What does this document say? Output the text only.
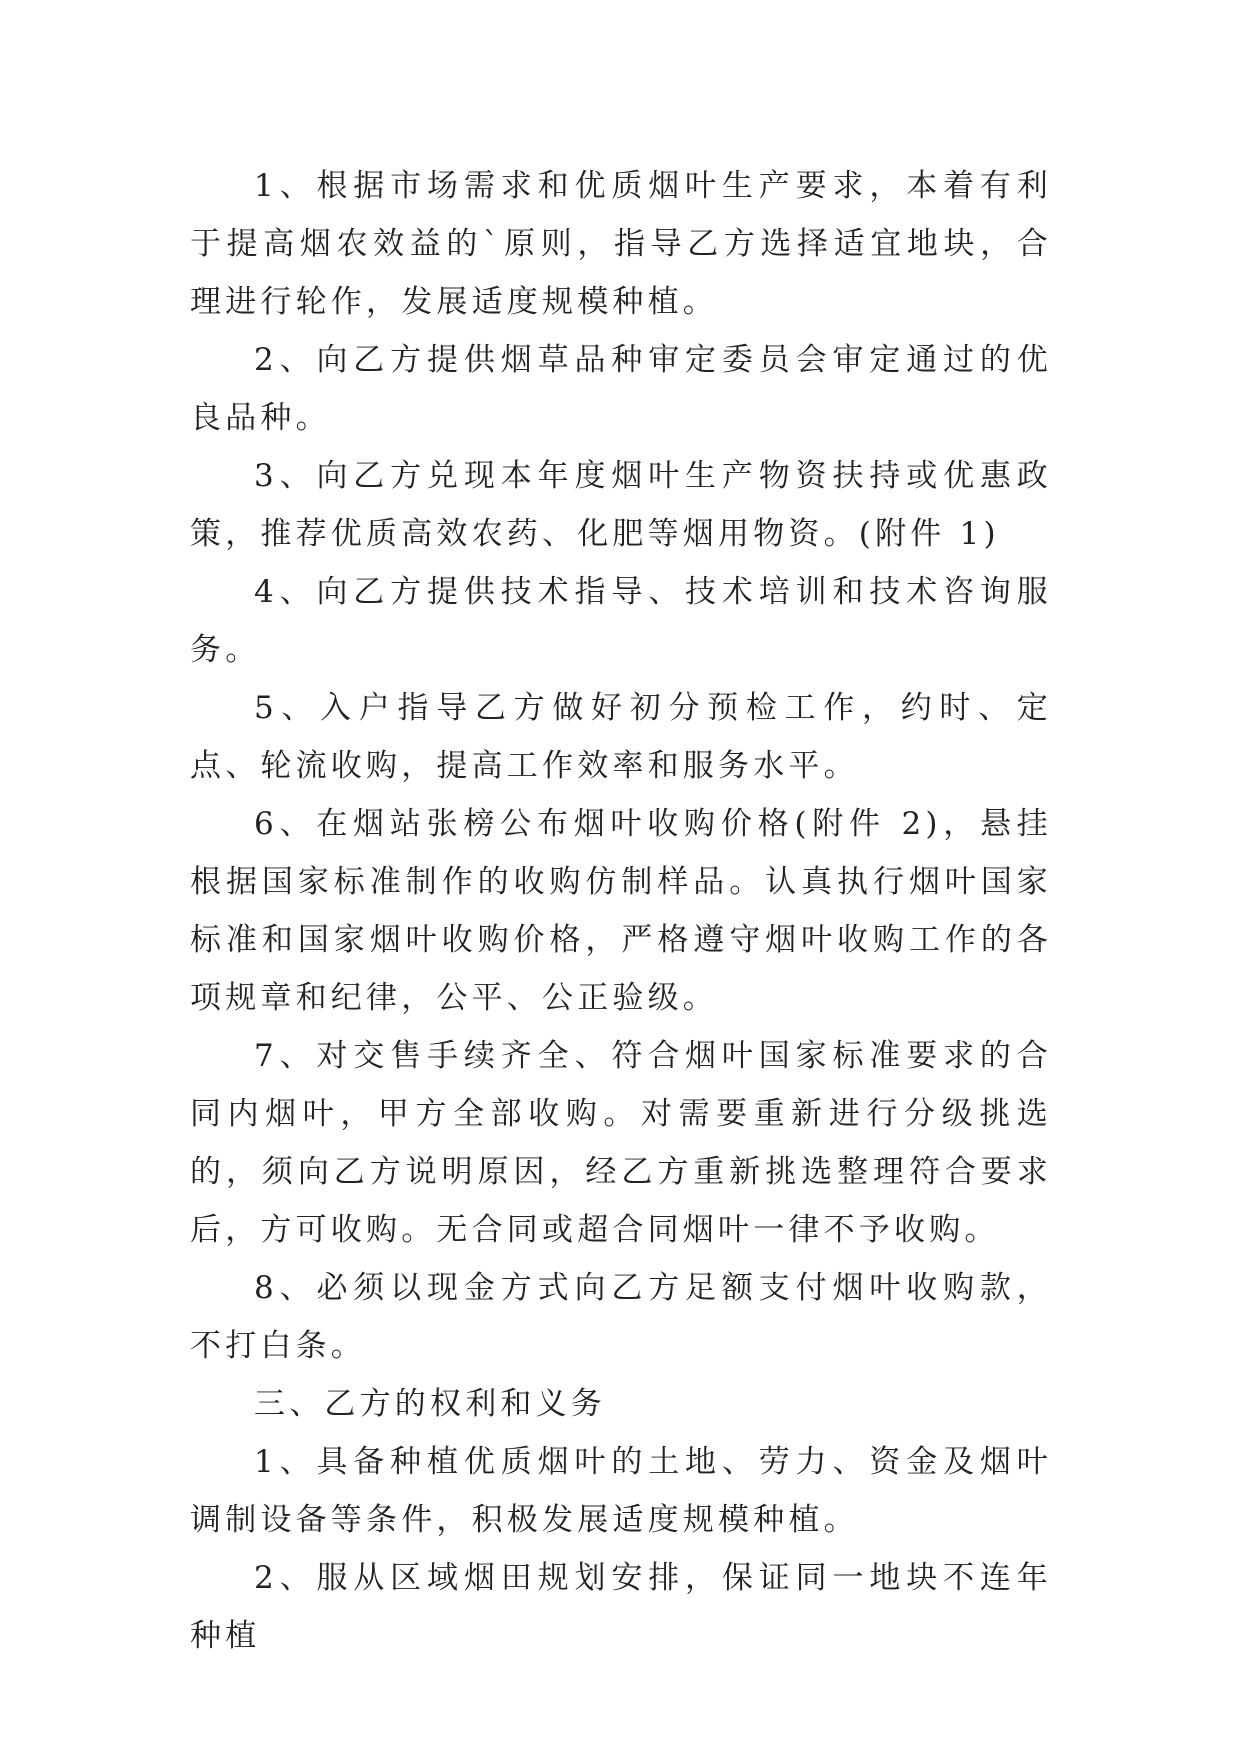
1、根据市场需求和优质烟叶生产要求，本着有利于提高烟农效益的`原则，指导乙方选择适宜地块，合理进行轮作，发展适度规模种植。

2、向乙方提供烟草品种审定委员会审定通过的优良品种。

3、向乙方兑现本年度烟叶生产物资扶持或优惠政策，推荐优质高效农药、化肥等烟用物资。(附件 1)

4、向乙方提供技术指导、技术培训和技术咨询服务。

5、入户指导乙方做好初分预检工作，约时、定点、轮流收购，提高工作效率和服务水平。

6、在烟站张榜公布烟叶收购价格(附件 2)，悬挂根据国家标准制作的收购仿制样品。认真执行烟叶国家标准和国家烟叶收购价格，严格遵守烟叶收购工作的各项规章和纪律，公平、公正验级。

7、对交售手续齐全、符合烟叶国家标准要求的合同内烟叶，甲方全部收购。对需要重新进行分级挑选的，须向乙方说明原因，经乙方重新挑选整理符合要求后，方可收购。无合同或超合同烟叶一律不予收购。

8、必须以现金方式向乙方足额支付烟叶收购款，不打白条。

三、乙方的权利和义务

1、具备种植优质烟叶的土地、劳力、资金及烟叶调制设备等条件，积极发展适度规模种植。

2、服从区域烟田规划安排，保证同一地块不连年种植
